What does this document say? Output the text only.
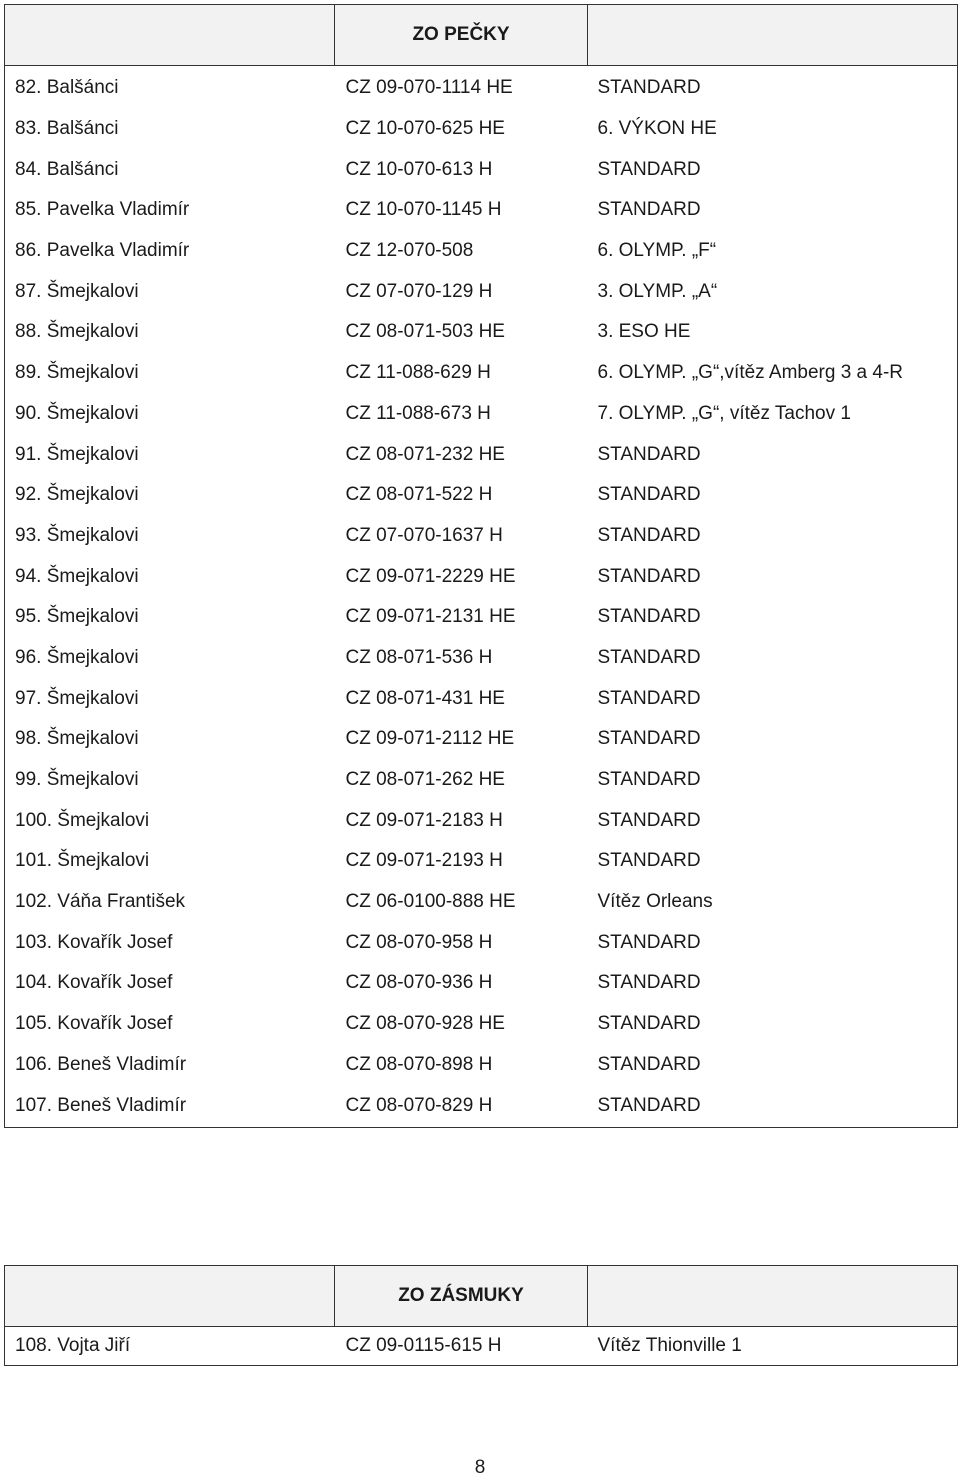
	ZO PEČKY	
82. Balšánci	CZ 09-070-1114 HE	STANDARD
83. Balšánci	CZ 10-070-625 HE	6. VÝKON HE
84. Balšánci	CZ 10-070-613 H	STANDARD
85. Pavelka Vladimír	CZ 10-070-1145 H	STANDARD
86. Pavelka Vladimír	CZ 12-070-508	6. OLYMP. „F“
87. Šmejkalovi	CZ 07-070-129 H	3. OLYMP. „A“
88. Šmejkalovi	CZ 08-071-503 HE	3. ESO HE
89. Šmejkalovi	CZ 11-088-629 H	6. OLYMP. „G“,vítěz Amberg 3 a 4-R
90. Šmejkalovi	CZ 11-088-673 H	7. OLYMP. „G“, vítěz Tachov 1
91. Šmejkalovi	CZ 08-071-232 HE	STANDARD
92. Šmejkalovi	CZ 08-071-522 H	STANDARD
93. Šmejkalovi	CZ 07-070-1637 H	STANDARD
94. Šmejkalovi	CZ 09-071-2229 HE	STANDARD
95. Šmejkalovi	CZ 09-071-2131 HE	STANDARD
96. Šmejkalovi	CZ 08-071-536 H	STANDARD
97. Šmejkalovi	CZ 08-071-431 HE	STANDARD
98. Šmejkalovi	CZ 09-071-2112 HE	STANDARD
99. Šmejkalovi	CZ 08-071-262 HE	STANDARD
100. Šmejkalovi	CZ 09-071-2183 H	STANDARD
101. Šmejkalovi	CZ 09-071-2193 H	STANDARD
102. Váňa František	CZ 06-0100-888 HE	Vítěz Orleans
103. Kovařík Josef	CZ 08-070-958 H	STANDARD
104. Kovařík Josef	CZ 08-070-936 H	STANDARD
105. Kovařík Josef	CZ 08-070-928 HE	STANDARD
106. Beneš Vladimír	CZ 08-070-898 H	STANDARD
107. Beneš Vladimír	CZ 08-070-829 H	STANDARD
	ZO ZÁSMUKY	
108. Vojta Jiří	CZ 09-0115-615 H	Vítěz Thionville 1
8
